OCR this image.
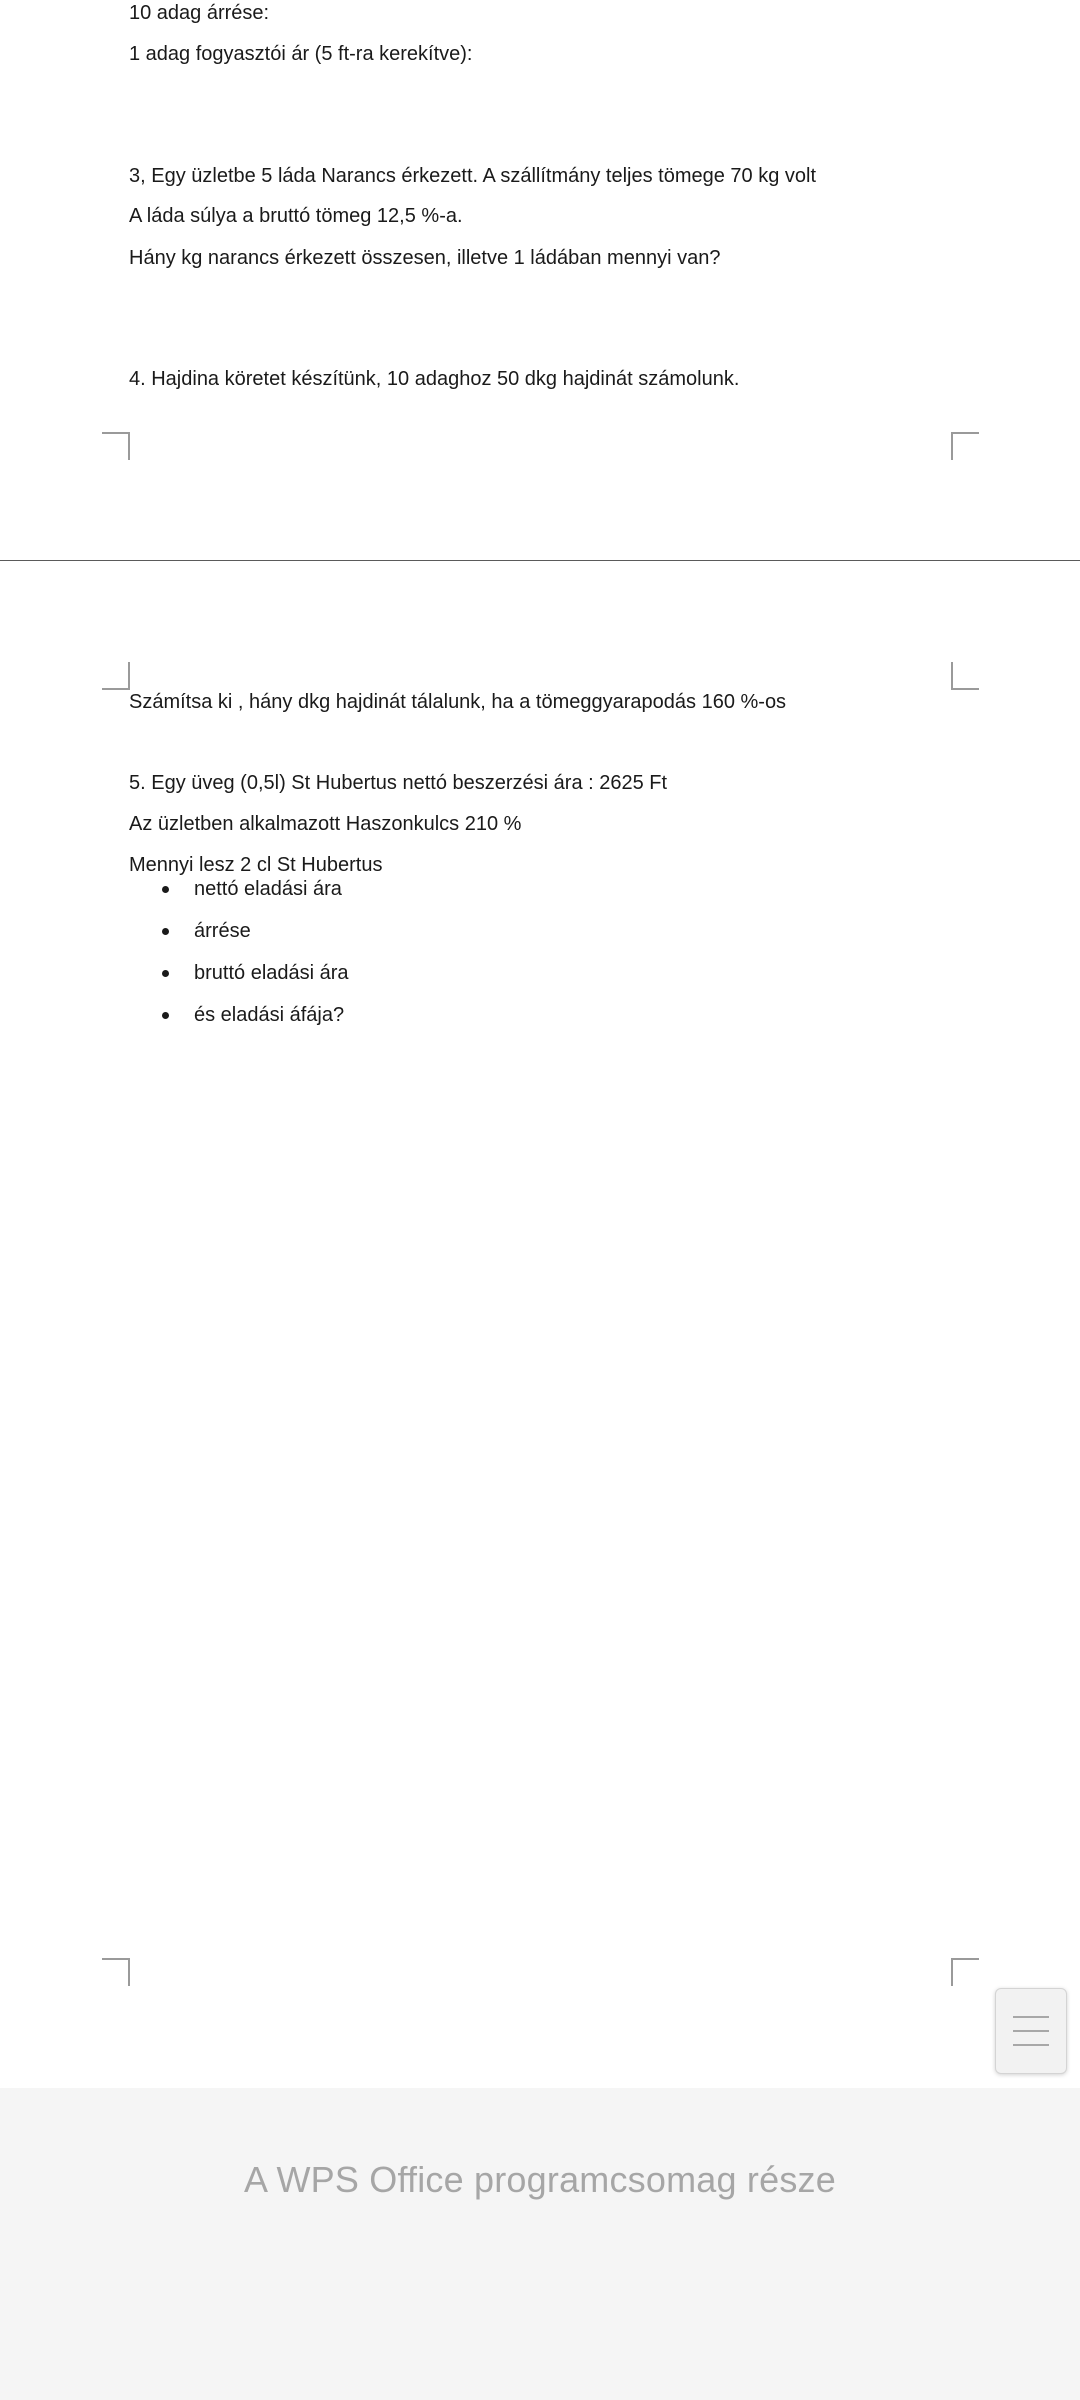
10 adag árrése:

1 adag fogyasztói ár (5 ft-ra kerekítve):

3, Egy üzletbe 5 láda Narancs érkezett. A szállítmány teljes tömege 70 kg volt

A láda súlya a bruttó tömeg 12,5 %-a.

Hány kg narancs érkezett összesen, illetve 1 ládában mennyi van?

4. Hajdina köretet készítünk, 10 adaghoz 50 dkg hajdinát számolunk.

Számítsa ki , hány dkg hajdinát tálalunk, ha a tömeggyarapodás 160 %-os

5. Egy üveg (0,5l) St Hubertus nettó beszerzési ára : 2625 Ft

Az üzletben alkalmazott Haszonkulcs 210 %

Mennyi lesz 2 cl St Hubertus

nettó eladási ára
árrése
bruttó eladási ára
és eladási áfája?
A WPS Office programcsomag része
